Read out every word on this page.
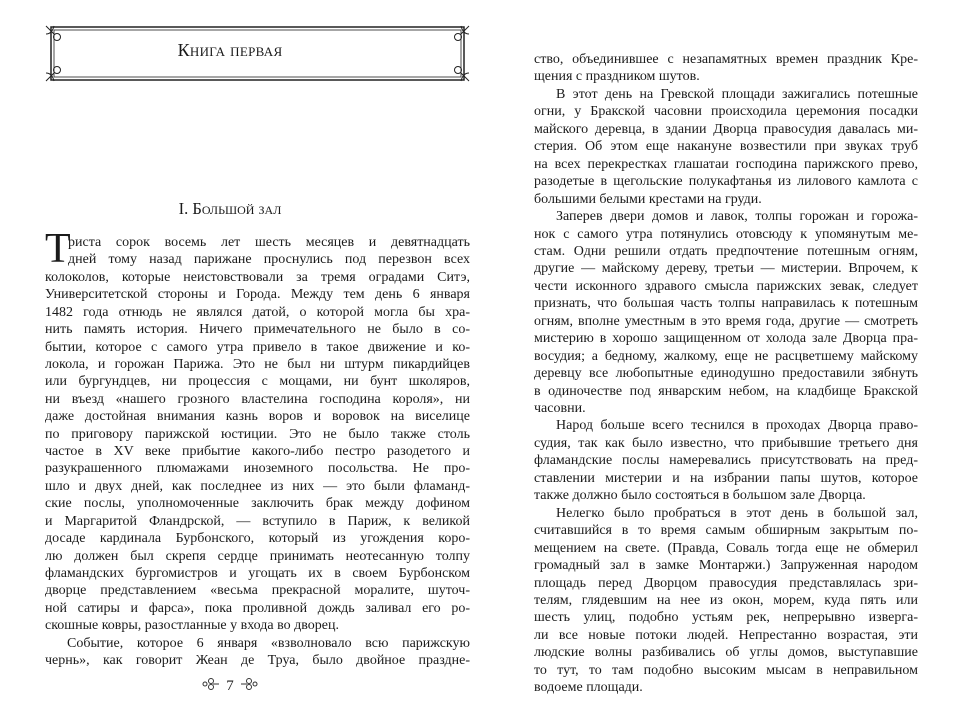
Книга первая
I. Большой зал
Т
риста сорок восемь лет шесть месяцев и девятнадцать
дней тому назад парижане проснулись под перезвон всех
колоколов, которые неистовствовали за тремя оградами Ситэ,
Университетской стороны и Города. Между тем день 6 января
1482 года отнюдь не являлся датой, о которой могла бы хра-
нить память история. Ничего примечательного не было в со-
бытии, которое с самого утра привело в такое движение и ко-
локола, и горожан Парижа. Это не был ни штурм пикардийцев
или бургундцев, ни процессия с мощами, ни бунт школяров,
ни въезд «нашего грозного властелина господина короля», ни
даже достойная внимания казнь воров и воровок на виселице
по приговору парижской юстиции. Это не было также столь
частое в XV веке прибытие какого-либо пестро разодетого и
разукрашенного плюмажами иноземного посольства. Не про-
шло и двух дней, как последнее из них — это были фламанд-
ские послы, уполномоченные заключить брак между дофином
и Маргаритой Фландрской, — вступило в Париж, к великой
досаде кардинала Бурбонского, который из угождения коро-
лю должен был скрепя сердце принимать неотесанную толпу
фламандских бургомистров и угощать их в своем Бурбонском
дворце представлением «весьма прекрасной моралите, шуточ-
ной сатиры и фарса», пока проливной дождь заливал его ро-
скошные ковры, разостланные у входа во дворец.
Событие, которое 6 января «взволновало всю парижскую
чернь», как говорит Жеан де Труа, было двойное праздне-
ство, объединившее с незапамятных времен праздник Кре-
щения с праздником шутов.
В этот день на Гревской площади зажигались потешные
огни, у Бракской часовни происходила церемония посадки
майского деревца, в здании Дворца правосудия давалась ми-
стерия. Об этом еще накануне возвестили при звуках труб
на всех перекрестках глашатаи господина парижского прево,
разодетые в щегольские полукафтанья из лилового камлота с
большими белыми крестами на груди.
Заперев двери домов и лавок, толпы горожан и горожа-
нок с самого утра потянулись отовсюду к упомянутым ме-
стам. Одни решили отдать предпочтение потешным огням,
другие — майскому дереву, третьи — мистерии. Впрочем, к
чести исконного здравого смысла парижских зевак, следует
признать, что большая часть толпы направилась к потешным
огням, вполне уместным в это время года, другие — смотреть
мистерию в хорошо защищенном от холода зале Дворца пра-
восудия; а бедному, жалкому, еще не расцветшему майскому
деревцу все любопытные единодушно предоставили зябнуть
в одиночестве под январским небом, на кладбище Бракской
часовни.
Народ больше всего теснился в проходах Дворца право-
судия, так как было известно, что прибывшие третьего дня
фламандские послы намеревались присутствовать на пред-
ставлении мистерии и на избрании папы шутов, которое
также должно было состояться в большом зале Дворца.
Нелегко было пробраться в этот день в большой зал,
считавшийся в то время самым обширным закрытым по-
мещением на свете. (Правда, Соваль тогда еще не обмерил
громадный зал в замке Монтаржи.) Запруженная народом
площадь перед Дворцом правосудия представлялась зри-
телям, глядевшим на нее из окон, морем, куда пять или
шесть улиц, подобно устьям рек, непрерывно изверга-
ли все новые потоки людей. Непрестанно возрастая, эти
людские волны разбивались об углы домов, выступавшие
то тут, то там подобно высоким мысам в неправильном
водоеме площади.
7
